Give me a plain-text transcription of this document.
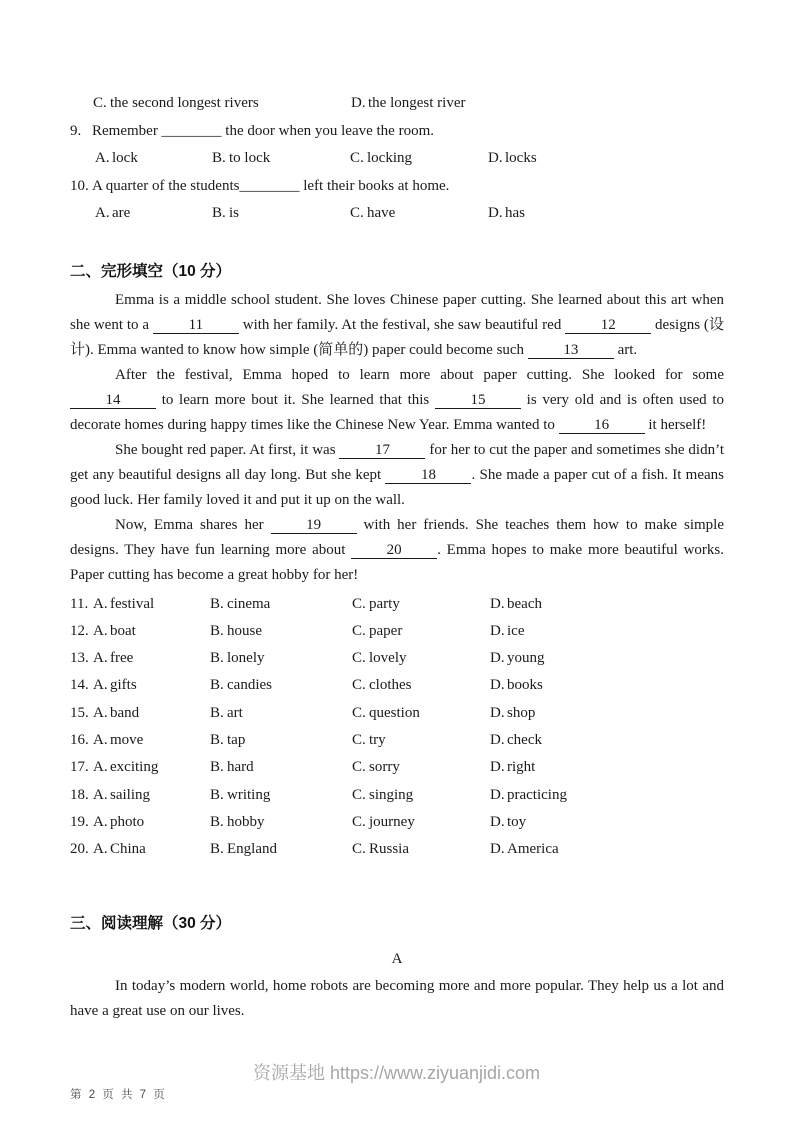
C. the second longest rivers	D. the longest river
9. Remember ________ the door when you leave the room.
A. lock	B. to lock	C. locking	D. locks
10. A quarter of the students________ left their books at home.
A. are	B. is	C. have	D. has
二、完形填空（10 分）

Emma is a middle school student. She loves Chinese paper cutting. She learned about this art when she went to a 11 with her family. At the festival, she saw beautiful red 12 designs (设计). Emma wanted to know how simple (简单的) paper could become such 13 art.

After the festival, Emma hoped to learn more about paper cutting. She looked for some 14 to learn more bout it. She learned that this 15 is very old and is often used to decorate homes during happy times like the Chinese New Year. Emma wanted to 16 it herself!

She bought red paper. At first, it was 17 for her to cut the paper and sometimes she didn’t get any beautiful designs all day long. But she kept 18 . She made a paper cut of a fish. It means good luck. Her family loved it and put it up on the wall.

Now, Emma shares her 19 with her friends. She teaches them how to make simple designs. They have fun learning more about 20 . Emma hopes to make more beautiful works. Paper cutting has become a great hobby for her!

11. A. festival	B. cinema	C. party	D. beach
12. A. boat	B. house	C. paper	D. ice
13. A. free	B. lonely	C. lovely	D. young
14. A. gifts	B. candies	C. clothes	D. books
15. A. band	B. art	C. question	D. shop
16. A. move	B. tap	C. try	D. check
17. A. exciting	B. hard	C. sorry	D. right
18. A. sailing	B. writing	C. singing	D. practicing
19. A. photo	B. hobby	C. journey	D. toy
20. A. China	B. England	C. Russia	D. America
三、阅读理解（30 分）
A

In today’s modern world, home robots are becoming more and more popular. They help us a lot and have a great use on our lives.

资源基地 https://www.ziyuanjidi.com
第 2 页 共 7 页
